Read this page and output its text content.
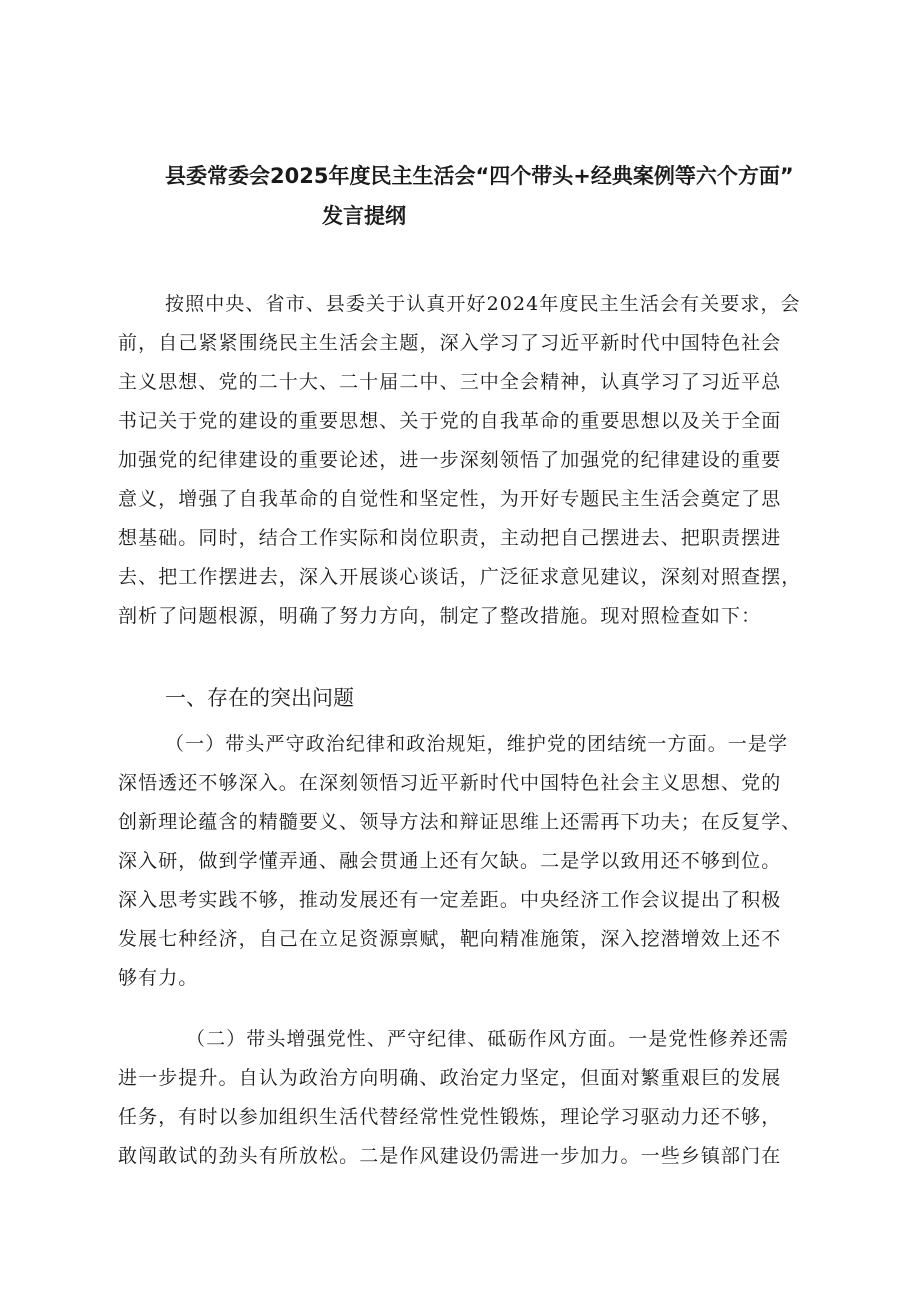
县委常委会2025年度民主生活会“四个带头+经典案例等六个方面”
发言提纲
按照中央、省市、县委关于认真开好2024年度民主生活会有关要求，会
前，自己紧紧围绕民主生活会主题，深入学习了习近平新时代中国特色社会
主义思想、党的二十大、二十届二中、三中全会精神，认真学习了习近平总
书记关于党的建设的重要思想、关于党的自我革命的重要思想以及关于全面
加强党的纪律建设的重要论述，进一步深刻领悟了加强党的纪律建设的重要
意义，增强了自我革命的自觉性和坚定性，为开好专题民主生活会奠定了思
想基础。同时，结合工作实际和岗位职责，主动把自己摆进去、把职责摆进
去、把工作摆进去，深入开展谈心谈话，广泛征求意见建议，深刻对照查摆，
剖析了问题根源，明确了努力方向，制定了整改措施。现对照检查如下：
一、存在的突出问题
（一）带头严守政治纪律和政治规矩，维护党的团结统一方面。一是学
深悟透还不够深入。在深刻领悟习近平新时代中国特色社会主义思想、党的
创新理论蕴含的精髓要义、领导方法和辩证思维上还需再下功夫；在反复学、
深入研，做到学懂弄通、融会贯通上还有欠缺。二是学以致用还不够到位。
深入思考实践不够，推动发展还有一定差距。中央经济工作会议提出了积极
发展七种经济，自己在立足资源禀赋，靶向精准施策，深入挖潜增效上还不
够有力。
（二）带头增强党性、严守纪律、砥砺作风方面。一是党性修养还需
进一步提升。自认为政治方向明确、政治定力坚定，但面对繁重艰巨的发展
任务，有时以参加组织生活代替经常性党性锻炼，理论学习驱动力还不够，
敢闯敢试的劲头有所放松。二是作风建设仍需进一步加力。一些乡镇部门在
